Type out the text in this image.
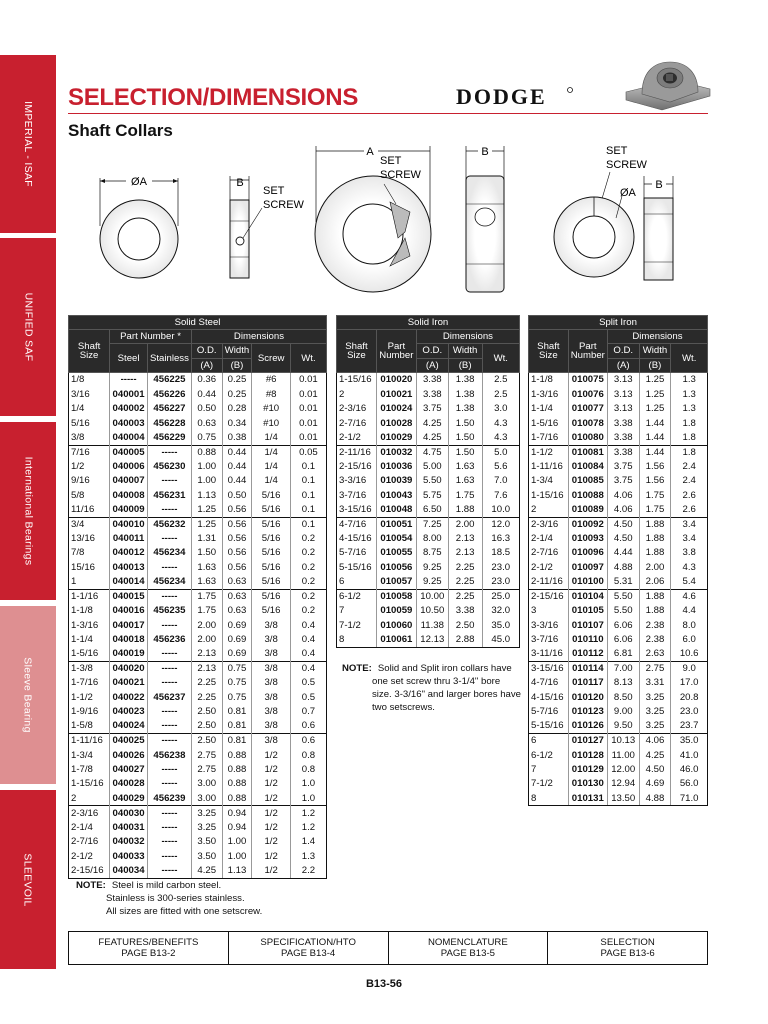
IMPERIAL - ISAF
UNIFIED SAF
International Bearings
Sleeve Bearing
SLEEVOIL
SELECTION/DIMENSIONS	DODGE
Shaft Collars
ØA	B
SET
SCREW
A
SET
SCREW
B	SET
SCREW
ØA
B
Solid Steel						
Shaft
Size	Part Number *		Dimensions			
	Steel	Stainless	O.D.	Width	Screw	Wt.
			(A)	(B)		
1/8	-----	456225	0.36	0.25	#6	0.01
3/16	040001	456226	0.44	0.25	#8	0.01
1/4	040002	456227	0.50	0.28	#10	0.01
5/16	040003	456228	0.63	0.34	#10	0.01
3/8	040004	456229	0.75	0.38	1/4	0.01
7/16	040005	-----	0.88	0.44	1/4	0.05
1/2	040006	456230	1.00	0.44	1/4	0.1
9/16	040007	-----	1.00	0.44	1/4	0.1
5/8	040008	456231	1.13	0.50	5/16	0.1
11/16	040009	-----	1.25	0.56	5/16	0.1
3/4	040010	456232	1.25	0.56	5/16	0.1
13/16	040011	-----	1.31	0.56	5/16	0.2
7/8	040012	456234	1.50	0.56	5/16	0.2
15/16	040013	-----	1.63	0.56	5/16	0.2
1	040014	456234	1.63	0.63	5/16	0.2
1-1/16	040015	-----	1.75	0.63	5/16	0.2
1-1/8	040016	456235	1.75	0.63	5/16	0.2
1-3/16	040017	-----	2.00	0.69	3/8	0.4
1-1/4	040018	456236	2.00	0.69	3/8	0.4
1-5/16	040019	-----	2.13	0.69	3/8	0.4
1-3/8	040020	-----	2.13	0.75	3/8	0.4
1-7/16	040021	-----	2.25	0.75	3/8	0.5
1-1/2	040022	456237	2.25	0.75	3/8	0.5
1-9/16	040023	-----	2.50	0.81	3/8	0.7
1-5/8	040024	-----	2.50	0.81	3/8	0.6
1-11/16	040025	-----	2.50	0.81	3/8	0.6
1-3/4	040026	456238	2.75	0.88	1/2	0.8
1-7/8	040027	-----	2.75	0.88	1/2	0.8
1-15/16	040028	-----	3.00	0.88	1/2	1.0
2	040029	456239	3.00	0.88	1/2	1.0
2-3/16	040030	-----	3.25	0.94	1/2	1.2
2-1/4	040031	-----	3.25	0.94	1/2	1.2
2-7/16	040032	-----	3.50	1.00	1/2	1.4
2-1/2	040033	-----	3.50	1.00	1/2	1.3
2-15/16	040034	-----	4.25	1.13	1/2	2.2
NOTE: Steel is mild carbon steel.
Stainless is 300-series stainless.
All sizes are fitted with one setscrew.
Solid Iron				
Shaft
Size	Part
Number	Dimensions		
		O.D.	Width	Wt.
		(A)	(B)	
1-15/16	010020	3.38	1.38	2.5
2	010021	3.38	1.38	2.5
2-3/16	010024	3.75	1.38	3.0
2-7/16	010028	4.25	1.50	4.3
2-1/2	010029	4.25	1.50	4.3
2-11/16	010032	4.75	1.50	5.0
2-15/16	010036	5.00	1.63	5.6
3-3/16	010039	5.50	1.63	7.0
3-7/16	010043	5.75	1.75	7.6
3-15/16	010048	6.50	1.88	10.0
4-7/16	010051	7.25	2.00	12.0
4-15/16	010054	8.00	2.13	16.3
5-7/16	010055	8.75	2.13	18.5
5-15/16	010056	9.25	2.25	23.0
6	010057	9.25	2.25	23.0
6-1/2	010058	10.00	2.25	25.0
7	010059	10.50	3.38	32.0
7-1/2	010060	11.38	2.50	35.0
8	010061	12.13	2.88	45.0
NOTE: Solid and Split iron collars have
one set screw thru 3-1/4" bore
size. 3-3/16" and larger bores have
two setscrews.
Split Iron				
Shaft
Size	Part
Number	Dimensions		
		O.D.	Width	Wt.
		(A)	(B)	
1-1/8	010075	3.13	1.25	1.3
1-3/16	010076	3.13	1.25	1.3
1-1/4	010077	3.13	1.25	1.3
1-5/16	010078	3.38	1.44	1.8
1-7/16	010080	3.38	1.44	1.8
1-1/2	010081	3.38	1.44	1.8
1-11/16	010084	3.75	1.56	2.4
1-3/4	010085	3.75	1.56	2.4
1-15/16	010088	4.06	1.75	2.6
2	010089	4.06	1.75	2.6
2-3/16	010092	4.50	1.88	3.4
2-1/4	010093	4.50	1.88	3.4
2-7/16	010096	4.44	1.88	3.8
2-1/2	010097	4.88	2.00	4.3
2-11/16	010100	5.31	2.06	5.4
2-15/16	010104	5.50	1.88	4.6
3	010105	5.50	1.88	4.4
3-3/16	010107	6.06	2.38	8.0
3-7/16	010110	6.06	2.38	6.0
3-11/16	010112	6.81	2.63	10.6
3-15/16	010114	7.00	2.75	9.0
4-7/16	010117	8.13	3.31	17.0
4-15/16	010120	8.50	3.25	20.8
5-7/16	010123	9.00	3.25	23.0
5-15/16	010126	9.50	3.25	23.7
6	010127	10.13	4.06	35.0
6-1/2	010128	11.00	4.25	41.0
7	010129	12.00	4.50	46.0
7-1/2	010130	12.94	4.69	56.0
8	010131	13.50	4.88	71.0
FEATURES/BENEFITS
PAGE B13-2
SPECIFICATION/HTO
PAGE B13-4
NOMENCLATURE
PAGE B13-5
SELECTION
PAGE B13-6
B13-56
